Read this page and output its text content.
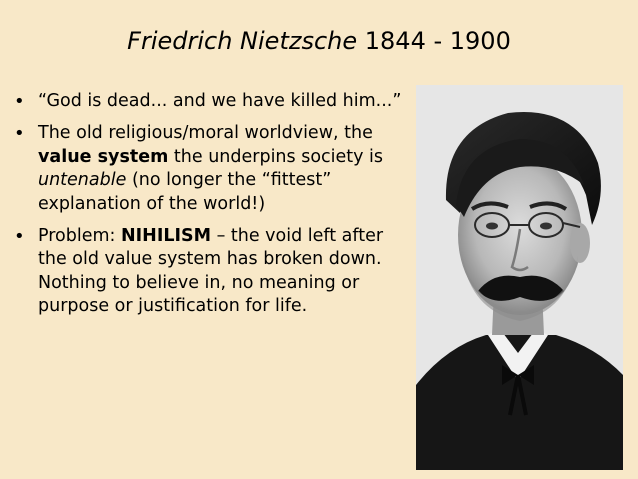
Friedrich Nietzsche 1844 - 1900
• “God is dead... and we have killed him...”
• The old religious/moral worldview, the value system the underpins society is untenable (no longer the “fittest” explanation of the world!)
• Problem: NIHILISM – the void left after the old value system has broken down. Nothing to believe in, no meaning or purpose or justification for life.
